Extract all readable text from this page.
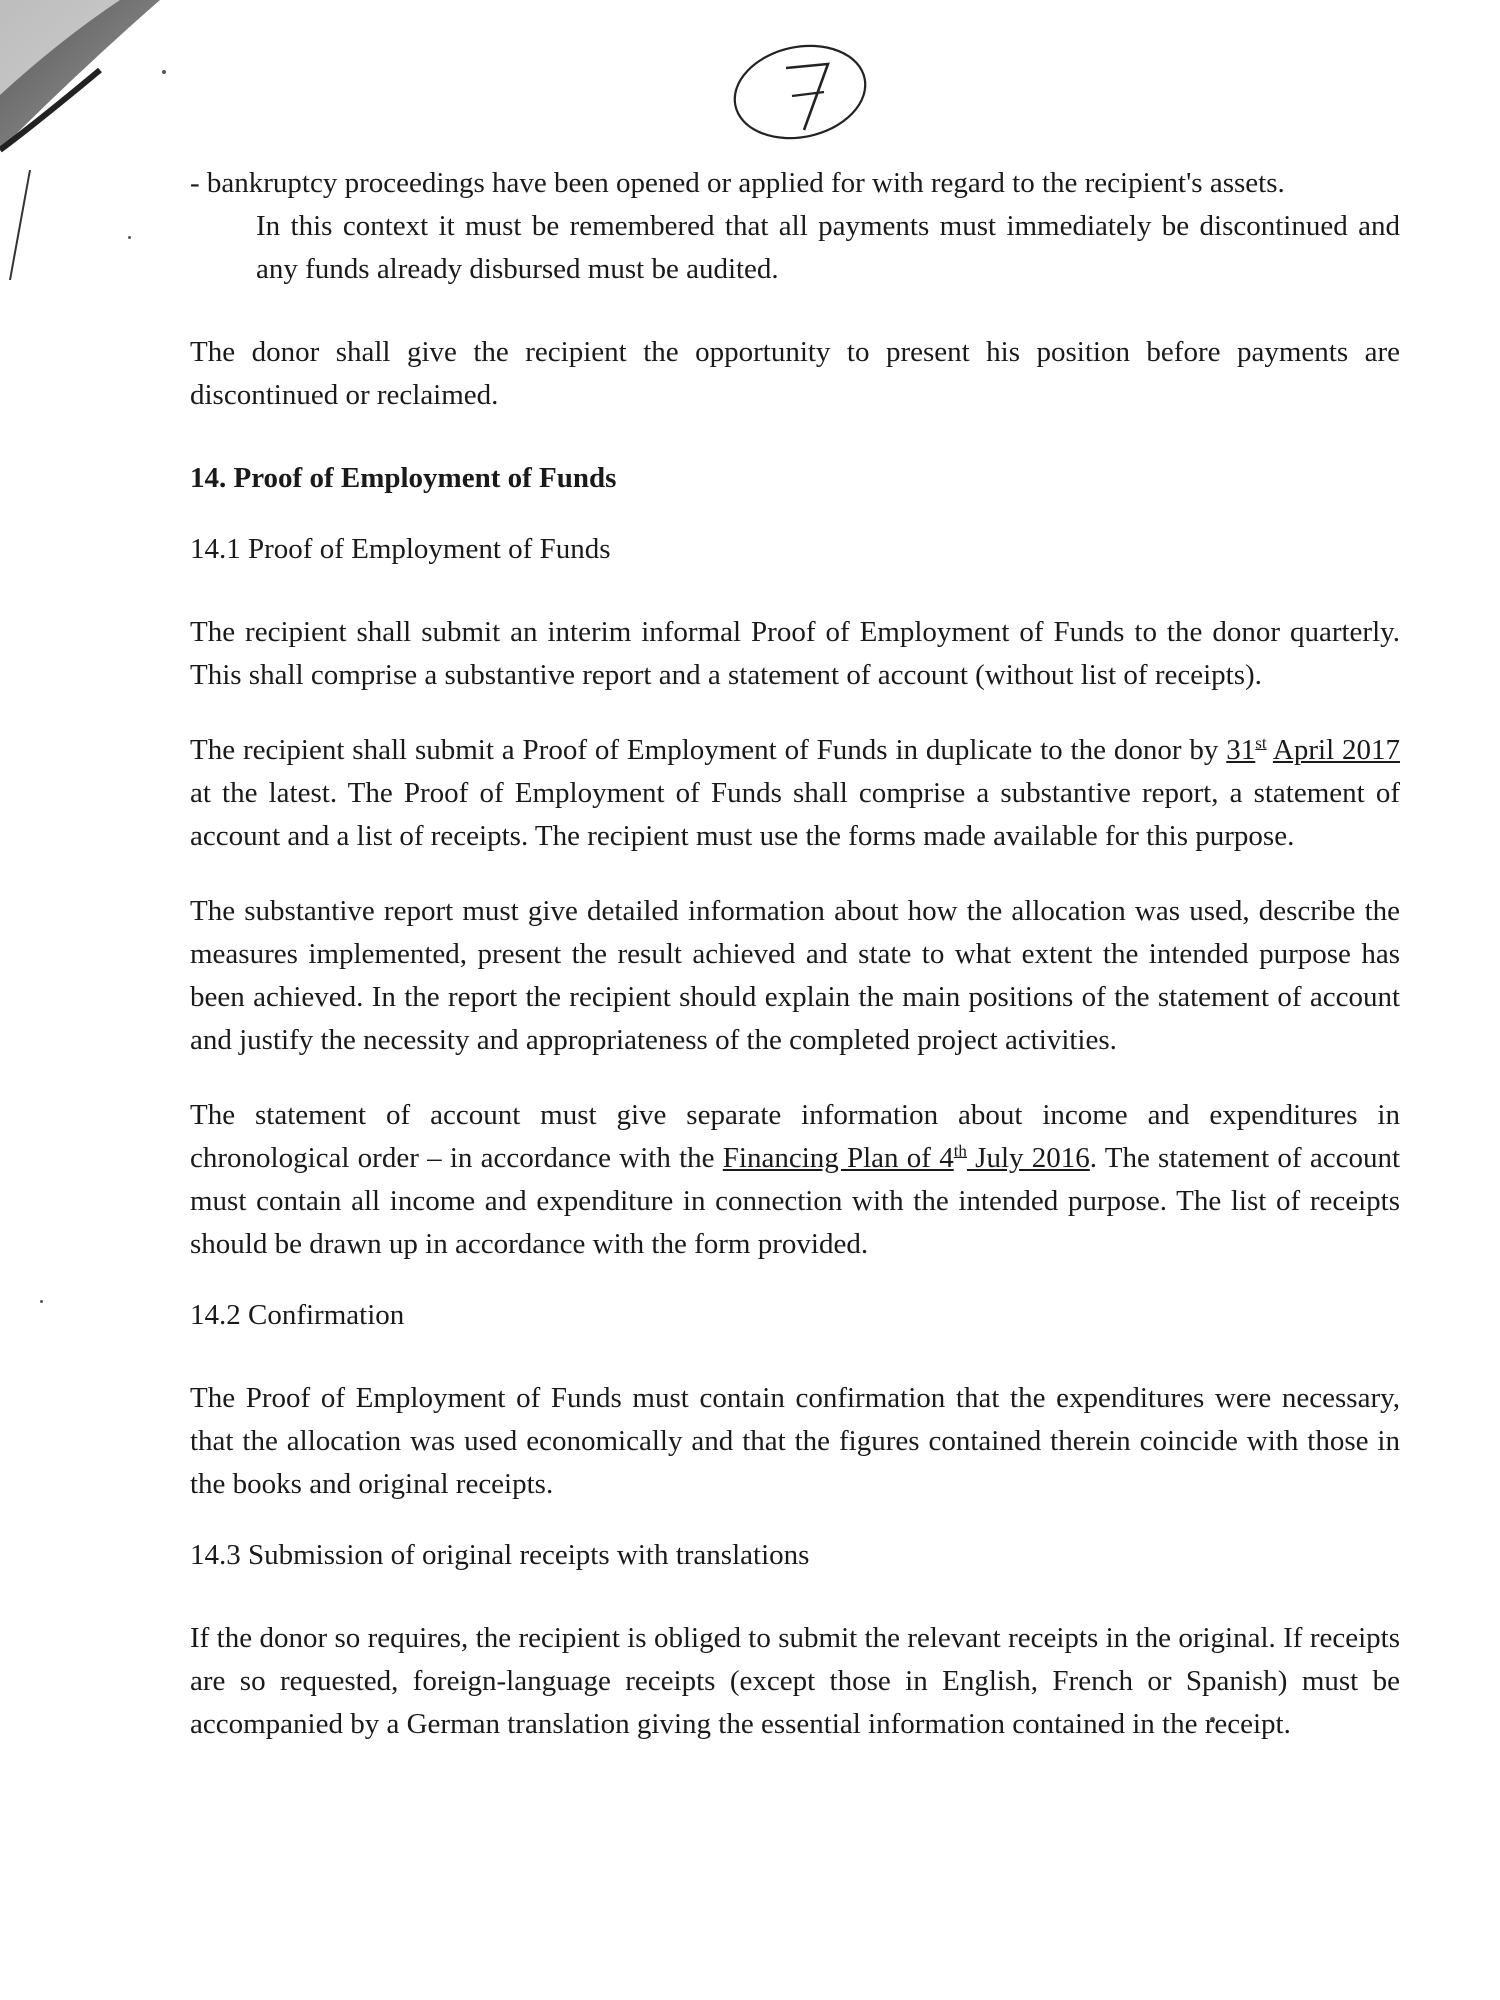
- bankruptcy proceedings have been opened or applied for with regard to the recipient's assets.

In this context it must be remembered that all payments must immediately be discontinued and any funds already disbursed must be audited.

The donor shall give the recipient the opportunity to present his position before payments are discontinued or reclaimed.

14. Proof of Employment of Funds

14.1 Proof of Employment of Funds

The recipient shall submit an interim informal Proof of Employment of Funds to the donor quarterly. This shall comprise a substantive report and a statement of account (without list of receipts).

The recipient shall submit a Proof of Employment of Funds in duplicate to the donor by 31st April 2017 at the latest. The Proof of Employment of Funds shall comprise a substantive report, a statement of account and a list of receipts. The recipient must use the forms made available for this purpose.

The substantive report must give detailed information about how the allocation was used, describe the measures implemented, present the result achieved and state to what extent the intended purpose has been achieved. In the report the recipient should explain the main positions of the statement of account and justify the necessity and appropriateness of the completed project activities.

The statement of account must give separate information about income and expenditures in chronological order – in accordance with the Financing Plan of 4th July 2016. The statement of account must contain all income and expenditure in connection with the intended purpose. The list of receipts should be drawn up in accordance with the form provided.

14.2 Confirmation

The Proof of Employment of Funds must contain confirmation that the expenditures were necessary, that the allocation was used economically and that the figures contained therein coincide with those in the books and original receipts.

14.3 Submission of original receipts with translations

If the donor so requires, the recipient is obliged to submit the relevant receipts in the original. If receipts are so requested, foreign-language receipts (except those in English, French or Spanish) must be accompanied by a German translation giving the essential information contained in the receipt.
